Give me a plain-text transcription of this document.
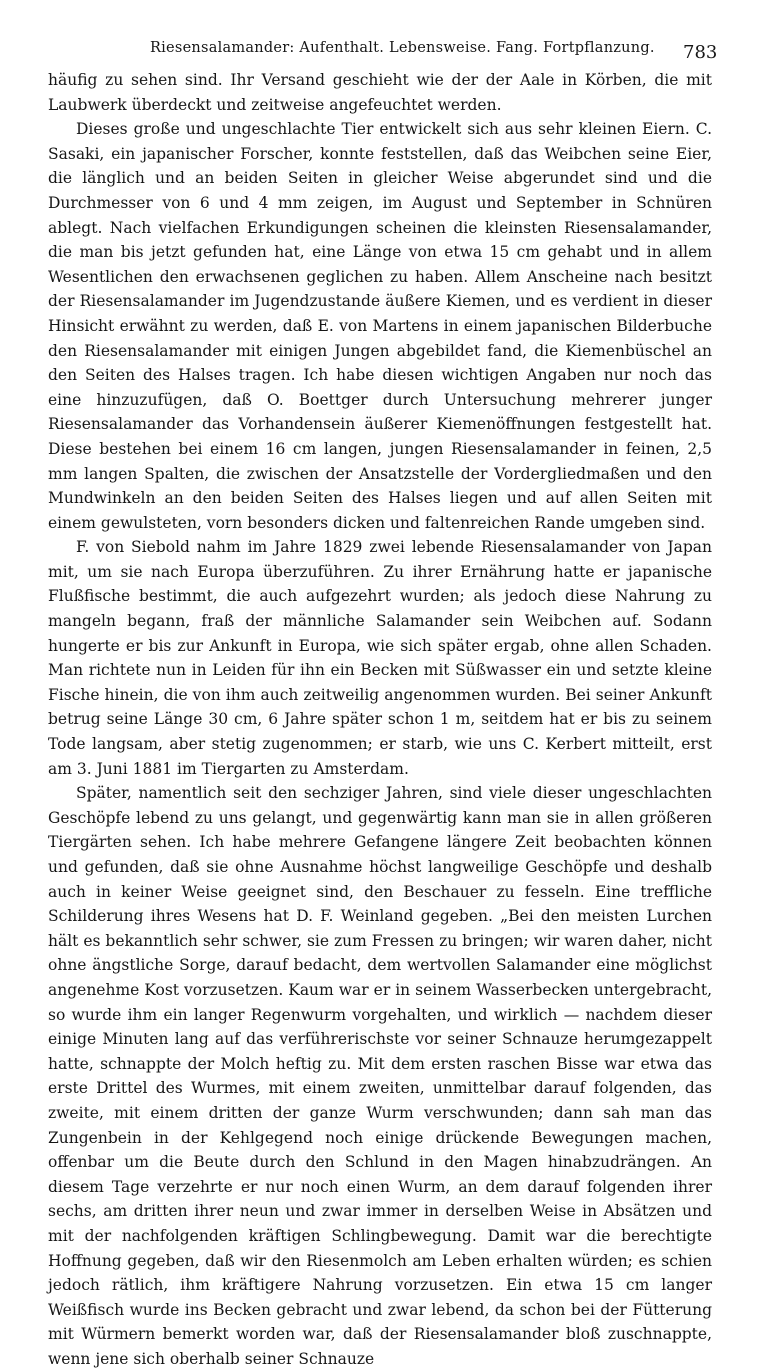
Riesensalamander: Aufenthalt. Lebensweise. Fang. Fortpflanzung. 783

häufig zu sehen sind. Ihr Versand geschieht wie der der Aale in Körben, die mit Laubwerk überdeckt und zeitweise angefeuchtet werden.

Dieses große und ungeschlachte Tier entwickelt sich aus sehr kleinen Eiern. C. Sasaki, ein japanischer Forscher, konnte feststellen, daß das Weibchen seine Eier, die länglich und an beiden Seiten in gleicher Weise abgerundet sind und die Durchmesser von 6 und 4 mm zeigen, im August und September in Schnüren ablegt. Nach vielfachen Erkundigungen scheinen die kleinsten Riesensalamander, die man bis jetzt gefunden hat, eine Länge von etwa 15 cm gehabt und in allem Wesentlichen den erwachsenen geglichen zu haben. Allem Anscheine nach besitzt der Riesensalamander im Jugendzustande äußere Kiemen, und es verdient in dieser Hinsicht erwähnt zu werden, daß E. von Martens in einem japanischen Bilderbuche den Riesensalamander mit einigen Jungen abgebildet fand, die Kiemenbüschel an den Seiten des Halses tragen. Ich habe diesen wichtigen Angaben nur noch das eine hinzuzufügen, daß O. Boettger durch Untersuchung mehrerer junger Riesensalamander das Vorhandensein äußerer Kiemenöffnungen festgestellt hat. Diese bestehen bei einem 16 cm langen, jungen Riesensalamander in feinen, 2,5 mm langen Spalten, die zwischen der Ansatzstelle der Vordergliedmaßen und den Mundwinkeln an den beiden Seiten des Halses liegen und auf allen Seiten mit einem gewulsteten, vorn besonders dicken und faltenreichen Rande umgeben sind.

F. von Siebold nahm im Jahre 1829 zwei lebende Riesensalamander von Japan mit, um sie nach Europa überzuführen. Zu ihrer Ernährung hatte er japanische Flußfische bestimmt, die auch aufgezehrt wurden; als jedoch diese Nahrung zu mangeln begann, fraß der männliche Salamander sein Weibchen auf. Sodann hungerte er bis zur Ankunft in Europa, wie sich später ergab, ohne allen Schaden. Man richtete nun in Leiden für ihn ein Becken mit Süßwasser ein und setzte kleine Fische hinein, die von ihm auch zeitweilig angenommen wurden. Bei seiner Ankunft betrug seine Länge 30 cm, 6 Jahre später schon 1 m, seitdem hat er bis zu seinem Tode langsam, aber stetig zugenommen; er starb, wie uns C. Kerbert mitteilt, erst am 3. Juni 1881 im Tiergarten zu Amsterdam.

Später, namentlich seit den sechziger Jahren, sind viele dieser ungeschlachten Geschöpfe lebend zu uns gelangt, und gegenwärtig kann man sie in allen größeren Tiergärten sehen. Ich habe mehrere Gefangene längere Zeit beobachten können und gefunden, daß sie ohne Ausnahme höchst langweilige Geschöpfe und deshalb auch in keiner Weise geeignet sind, den Beschauer zu fesseln. Eine treffliche Schilderung ihres Wesens hat D. F. Weinland gegeben. „Bei den meisten Lurchen hält es bekanntlich sehr schwer, sie zum Fressen zu bringen; wir waren daher, nicht ohne ängstliche Sorge, darauf bedacht, dem wertvollen Salamander eine möglichst angenehme Kost vorzusetzen. Kaum war er in seinem Wasserbecken untergebracht, so wurde ihm ein langer Regenwurm vorgehalten, und wirklich — nachdem dieser einige Minuten lang auf das verführerischste vor seiner Schnauze herumgezappelt hatte, schnappte der Molch heftig zu. Mit dem ersten raschen Bisse war etwa das erste Drittel des Wurmes, mit einem zweiten, unmittelbar darauf folgenden, das zweite, mit einem dritten der ganze Wurm verschwunden; dann sah man das Zungenbein in der Kehlgegend noch einige drückende Bewegungen machen, offenbar um die Beute durch den Schlund in den Magen hinabzudrängen. An diesem Tage verzehrte er nur noch einen Wurm, an dem darauf folgenden ihrer sechs, am dritten ihrer neun und zwar immer in derselben Weise in Absätzen und mit der nachfolgenden kräftigen Schlingbewegung. Damit war die berechtigte Hoffnung gegeben, daß wir den Riesenmolch am Leben erhalten würden; es schien jedoch rätlich, ihm kräftigere Nahrung vorzusetzen. Ein etwa 15 cm langer Weißfisch wurde ins Becken gebracht und zwar lebend, da schon bei der Fütterung mit Würmern bemerkt worden war, daß der Riesensalamander bloß zuschnappte, wenn jene sich oberhalb seiner Schnauze
